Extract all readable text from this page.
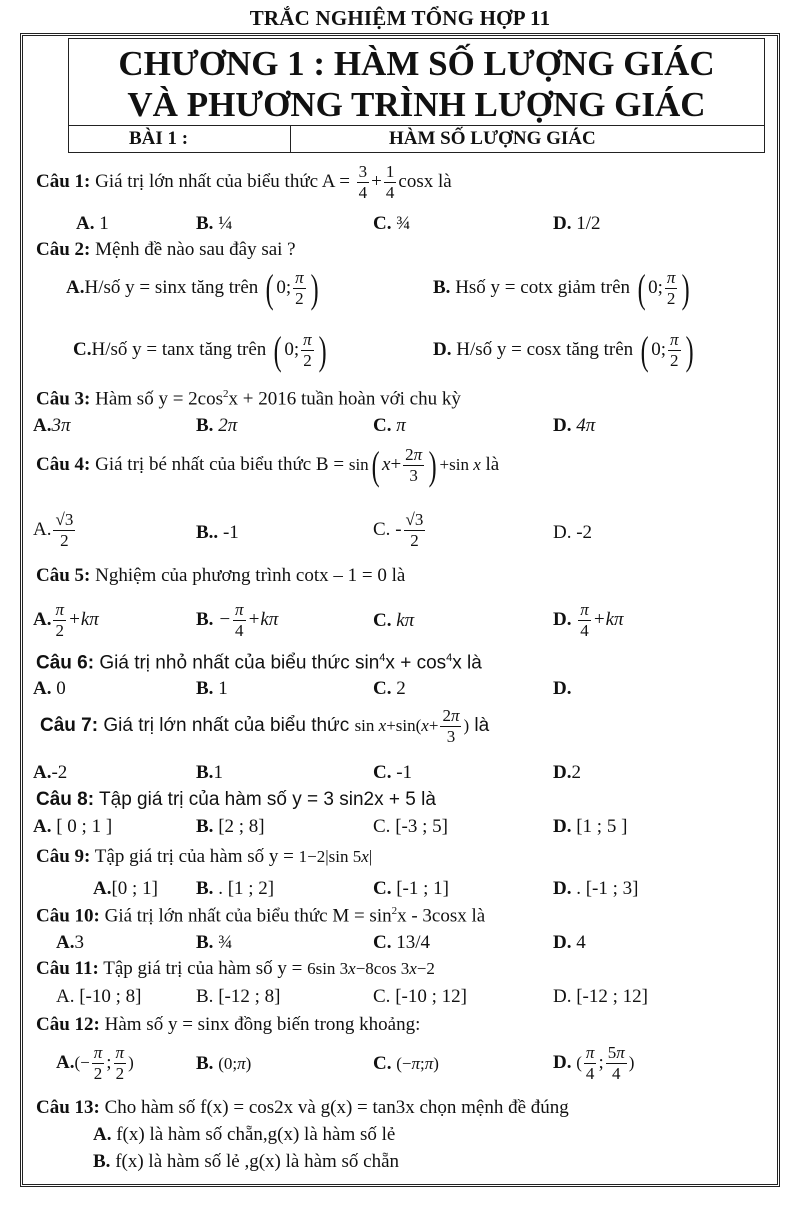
TRẮC NGHIỆM TỔNG HỢP 11
CHƯƠNG 1 : HÀM SỐ LƯỢNG GIÁC
VÀ PHƯƠNG TRÌNH LƯỢNG GIÁC
BÀI 1 :	HÀM SỐ LƯỢNG GIÁC
Câu 1: Giá trị lớn nhất của biểu thức $A = \frac{3}{4} + \frac{1}{4}$ cosx là
A. 1	B. ¼	C. ¾	D. 1/2
Câu 2: Mệnh đề nào sau đây sai ?
A.H/số y = sinx tăng trên ( 0; $\frac{\pi}{2}$ )	B. Hsố y = cotx giảm trên ( 0; $\frac{\pi}{2}$ )
C.H/số y = tanx tăng trên ( 0; $\frac{\pi}{2}$ )	D. H/số y = cosx tăng trên ( 0; $\frac{\pi}{2}$ )
Câu 3: Hàm số $y = 2\cos^2x + 2016$ tuần hoàn với chu kỳ
A.3π	B. 2π	C. π	D. 4π
Câu 4: Giá trị bé nhất của biểu thức B = sin( $x+ \frac{2\pi}{3}$ ) +sin x là
A. $\frac{√3}{2}$	B.. -1	C. - $\frac{√3}{2}$	D. -2
Câu 5: Nghiệm của phương trình cotx – 1 = 0 là
A. $\frac{\pi}{2} +k\pi$	B. − $\frac{\pi}{4} +k\pi$	C. kπ	D. $\frac{\pi}{4} +k\pi$
Câu 6: Giá trị nhỏ nhất của biểu thức $\sin^4x + \cos^4x$ là
A. 0	B. 1	C. 2	D.
Câu 7: Giá trị lớn nhất của biểu thức $\sin x+\sin(x+ \frac{2\pi}{3}$ ) là
A.-2	B.1	C. -1	D.2
Câu 8: Tập giá trị của hàm số y = 3 sin2x + 5 là
A. [ 0 ; 1 ]	B. [2 ; 8]	C. [-3 ; 5]	D. [1 ; 5 ]
Câu 9: Tập giá trị của hàm số y = 1−2|sin 5x|
A.[0 ; 1] B. . [1 ; 2]	C. [-1 ; 1]	D. . [-1 ; 3]
Câu 10: Giá trị lớn nhất của biểu thức $M = \sin^2x - 3\cos x$ là
A.3	B. ¾	C. 13/4	D. 4
Câu 11: Tập giá trị của hàm số y = 6sin 3x−8cos 3x−2
A. [-10 ; 8]	B. [-12 ; 8]	C. [-10 ; 12]	D. [-12 ; 12]
Câu 12: Hàm số y = sinx đồng biến trong khoảng:
$A.(- \frac{\pi}{2}$ ; $\frac{\pi}{2}$ )	B. (0;π)	C. (−π;π)	D. ( $\frac{\pi}{4}$ ; $\frac{5\pi}{4}$ )
Câu 13: Cho hàm số f(x) = cos2x và g(x) = tan3x chọn mệnh đề đúng
A. f(x) là hàm số chẵn,g(x) là hàm số lẻ
B. f(x) là hàm số lẻ ,g(x) là hàm số chẵn
